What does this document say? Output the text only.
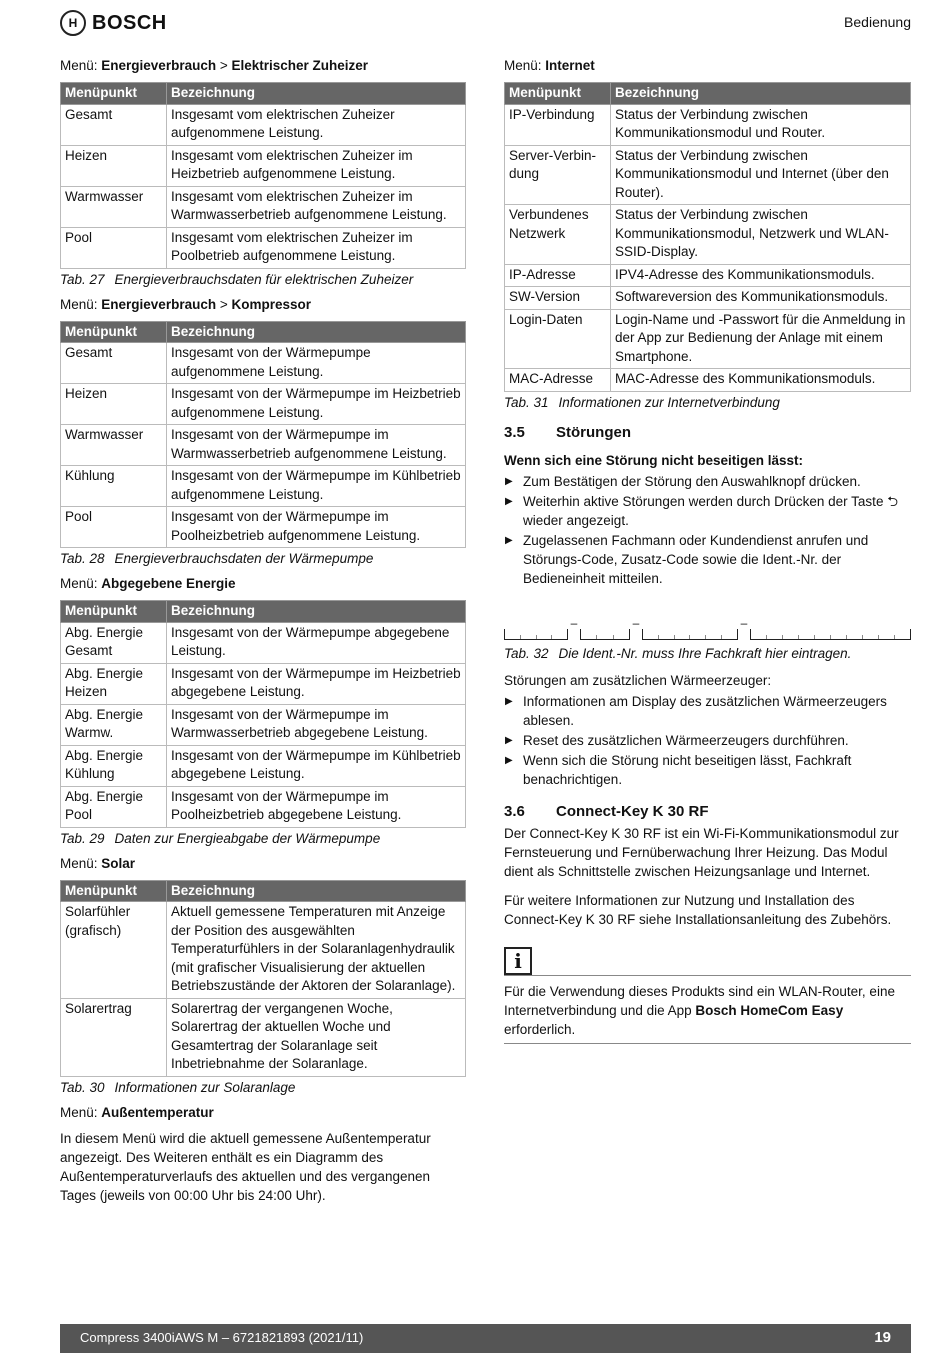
H BOSCH	Bedienung
Menü: Energieverbrauch > Elektrischer Zuheizer
Menüpunkt	Bezeichnung
Gesamt	Insgesamt vom elektrischen Zuheizer aufgenommene Leistung.
Heizen	Insgesamt vom elektrischen Zuheizer im Heizbetrieb aufgenommene Leistung.
Warmwasser	Insgesamt vom elektrischen Zuheizer im Warmwasserbetrieb aufgenommene Leistung.
Pool	Insgesamt vom elektrischen Zuheizer im Poolbetrieb aufgenommene Leistung.
Tab. 27 Energieverbrauchsdaten für elektrischen Zuheizer
Menü: Energieverbrauch > Kompressor
Menüpunkt	Bezeichnung
Gesamt	Insgesamt von der Wärmepumpe aufgenommene Leistung.
Heizen	Insgesamt von der Wärmepumpe im Heizbetrieb aufgenommene Leistung.
Warmwasser	Insgesamt von der Wärmepumpe im Warmwasserbetrieb aufgenommene Leistung.
Kühlung	Insgesamt von der Wärmepumpe im Kühlbetrieb aufgenommene Leistung.
Pool	Insgesamt von der Wärmepumpe im Poolheizbetrieb aufgenommene Leistung.
Tab. 28 Energieverbrauchsdaten der Wärmepumpe
Menü: Abgegebene Energie
Menüpunkt	Bezeichnung
Abg. Energie Gesamt	Insgesamt von der Wärmepumpe abgegebene Leistung.
Abg. Energie Heizen	Insgesamt von der Wärmepumpe im Heizbetrieb abgegebene Leistung.
Abg. Energie Warmw.	Insgesamt von der Wärmepumpe im Warmwasserbetrieb abgegebene Leistung.
Abg. Energie Kühlung	Insgesamt von der Wärmepumpe im Kühlbetrieb abgegebene Leistung.
Abg. Energie Pool	Insgesamt von der Wärmepumpe im Poolheizbetrieb abgegebene Leistung.
Tab. 29 Daten zur Energieabgabe der Wärmepumpe
Menü: Solar
Menüpunkt	Bezeichnung
Solarfühler (grafisch)	Aktuell gemessene Temperaturen mit Anzeige der Position des ausgewählten Temperaturfühlers in der Solaranlagenhydraulik (mit grafischer Visualisierung der aktuellen Betriebszustände der Aktoren der Solaranlage).
Solarertrag	Solarertrag der vergangenen Woche, Solarertrag der aktuellen Woche und Gesamtertrag der Solaranlage seit Inbetriebnahme der Solaranlage.
Tab. 30 Informationen zur Solaranlage
Menü: Außentemperatur

In diesem Menü wird die aktuell gemessene Außentemperatur angezeigt. Des Weiteren enthält es ein Diagramm des Außentemperaturverlaufs des aktuellen und des vergangenen Tages (jeweils von 00:00 Uhr bis 24:00 Uhr).

Menü: Internet
Menüpunkt	Bezeichnung
IP-Verbindung	Status der Verbindung zwischen Kommunikationsmodul und Router.
Server-Verbindung	Status der Verbindung zwischen Kommunikationsmodul und Internet (über den Router).
Verbundenes Netzwerk	Status der Verbindung zwischen Kommunikationsmodul, Netzwerk und WLAN-SSID-Display.
IP-Adresse	IPV4-Adresse des Kommunikationsmoduls.
SW-Version	Softwareversion des Kommunikationsmoduls.
Login-Daten	Login-Name und -Passwort für die Anmeldung in der App zur Bedienung der Anlage mit einem Smartphone.
MAC-Adresse	MAC-Adresse des Kommunikationsmoduls.
Tab. 31 Informationen zur Internetverbindung
3.5 Störungen
Wenn sich eine Störung nicht beseitigen lässt:
▶ Zum Bestätigen der Störung den Auswahlknopf drücken.
▶ Weiterhin aktive Störungen werden durch Drücken der Taste ⮌ wieder angezeigt.
▶ Zugelassenen Fachmann oder Kundendienst anrufen und Störungs-Code, Zusatz-Code sowie die Ident.-Nr. der Bedieneinheit mitteilen.
–	–	–
Tab. 32 Die Ident.-Nr. muss Ihre Fachkraft hier eintragen.
Störungen am zusätzlichen Wärmeerzeuger:
▶ Informationen am Display des zusätzlichen Wärmeerzeugers ablesen.
▶ Reset des zusätzlichen Wärmeerzeugers durchführen.
▶ Wenn sich die Störung nicht beseitigen lässt, Fachkraft benachrichtigen.
3.6 Connect-Key K 30 RF

Der Connect-Key K 30 RF ist ein Wi-Fi-Kommunikationsmodul zur Fernsteuerung und Fernüberwachung Ihrer Heizung. Das Modul dient als Schnittstelle zwischen Heizungsanlage und Internet.

Für weitere Informationen zur Nutzung und Installation des Connect-Key K 30 RF siehe Installationsanleitung des Zubehörs.

i
Für die Verwendung dieses Produkts sind ein WLAN-Router, eine Internetverbindung und die App Bosch HomeCom Easy erforderlich.
Compress 3400iAWS M – 6721821893 (2021/11)	19
